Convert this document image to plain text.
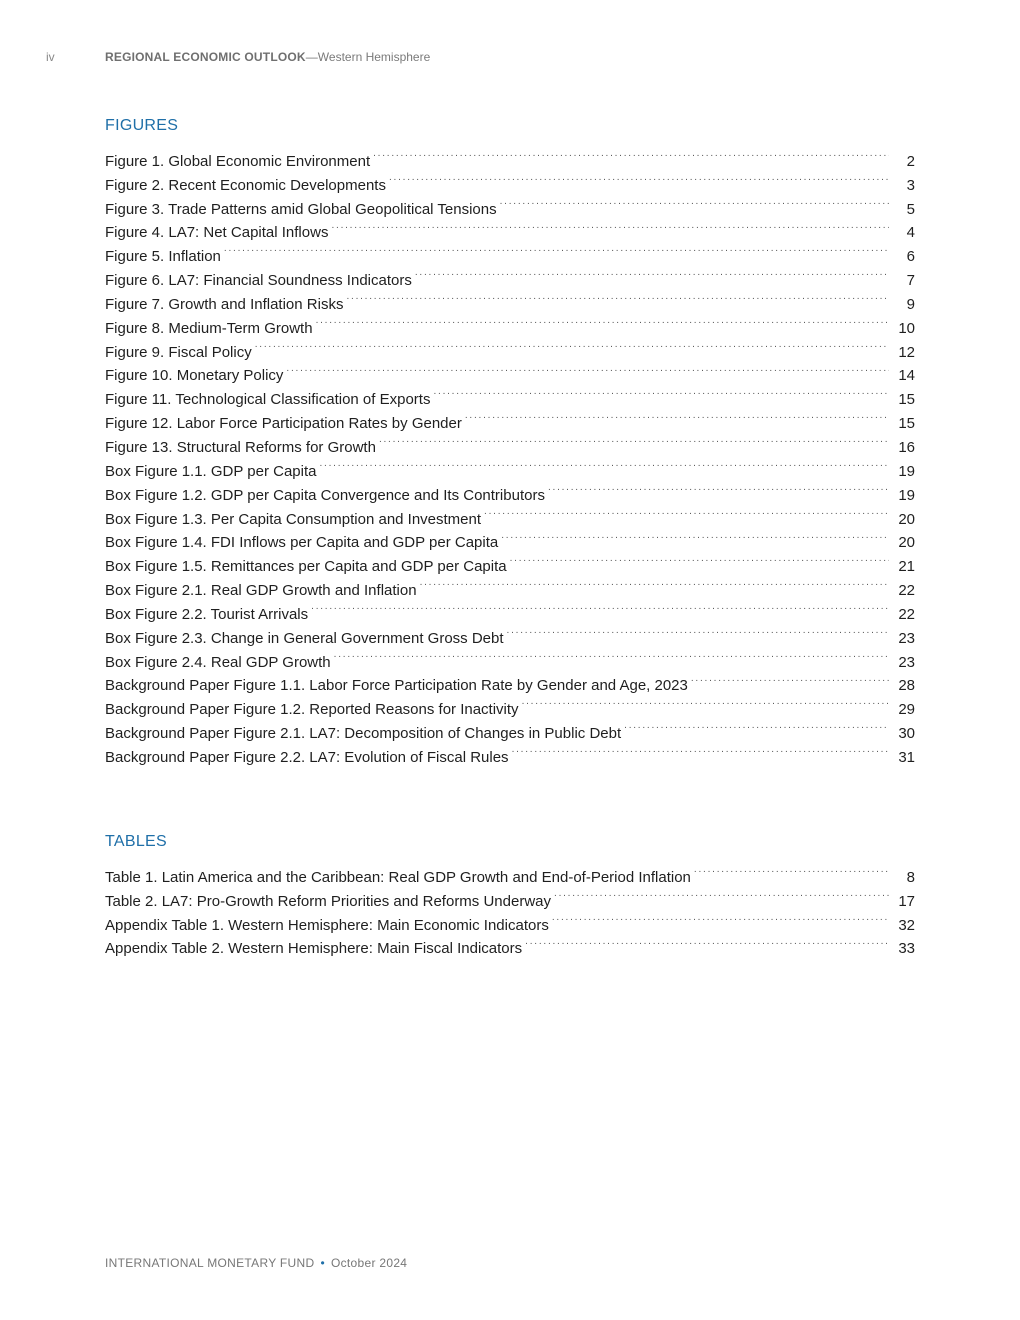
iv	REGIONAL ECONOMIC OUTLOOK—Western Hemisphere
FIGURES
Figure 1. Global Economic Environment . . .	2
Figure 2. Recent Economic Developments . . .	3
Figure 3. Trade Patterns amid Global Geopolitical Tensions . . .	5
Figure 4. LA7: Net Capital Inflows . . .	4
Figure 5. Inflation . . .	6
Figure 6. LA7: Financial Soundness Indicators . . .	7
Figure 7. Growth and Inflation Risks . . .	9
Figure 8. Medium-Term Growth . . .	10
Figure 9. Fiscal Policy . . .	12
Figure 10. Monetary Policy . . .	14
Figure 11. Technological Classification of Exports . . .	15
Figure 12. Labor Force Participation Rates by Gender . . .	15
Figure 13. Structural Reforms for Growth . . .	16
Box Figure 1.1. GDP per Capita . . .	19
Box Figure 1.2. GDP per Capita Convergence and Its Contributors . . .	19
Box Figure 1.3. Per Capita Consumption and Investment . . .	20
Box Figure 1.4. FDI Inflows per Capita and GDP per Capita . . .	20
Box Figure 1.5. Remittances per Capita and GDP per Capita . . .	21
Box Figure 2.1. Real GDP Growth and Inflation . . .	22
Box Figure 2.2. Tourist Arrivals . . .	22
Box Figure 2.3. Change in General Government Gross Debt . . .	23
Box Figure 2.4. Real GDP Growth . . .	23
Background Paper Figure 1.1. Labor Force Participation Rate by Gender and Age, 2023 . . .	28
Background Paper Figure 1.2. Reported Reasons for Inactivity . . .	29
Background Paper Figure 2.1. LA7: Decomposition of Changes in Public Debt . . .	30
Background Paper Figure 2.2. LA7: Evolution of Fiscal Rules . . .	31
TABLES
Table 1. Latin America and the Caribbean: Real GDP Growth and End-of-Period Inflation . . .	8
Table 2. LA7: Pro-Growth Reform Priorities and Reforms Underway . . .	17
Appendix Table 1. Western Hemisphere: Main Economic Indicators . . .	32
Appendix Table 2. Western Hemisphere: Main Fiscal Indicators . . .	33
INTERNATIONAL MONETARY FUND • October 2024
